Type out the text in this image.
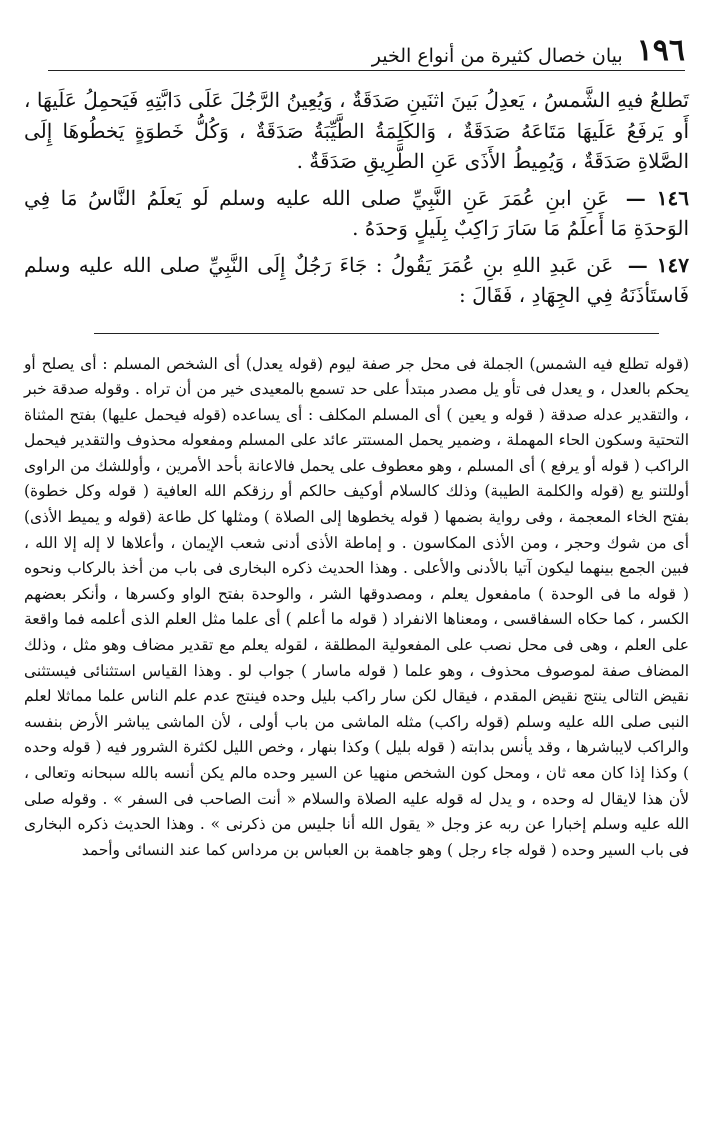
١٩٦
بيان خصال كثيرة من أنواع الخير

تَطلعُ فيهِ الشَّمسُ ، يَعدِلُ بَينَ اثنَينِ صَدَقَةٌ ، وَيُعِينُ الرَّجُلَ عَلَى دَابَّتِهِ فَيَحمِلُ عَلَيهَا ، أَو يَرفَعُ عَلَيهَا مَتَاعَهُ صَدَقَةٌ ، وَالكَلِمَةُ الطَّيِّبَةُ صَدَقَةٌ ، وَكُلُّ خَطوَةٍ يَخطُوهَا إِلَى الصَّلاةِ صَدَقَةٌ ، وَيُمِيطُ الأَذَى عَنِ الطَّرِيقِ صَدَقَةٌ .

١٤٦ — عَنِ ابنِ عُمَرَ عَنِ النَّبِيِّ صلى الله عليه وسلم لَو يَعلَمُ النَّاسُ مَا فِي الوَحدَةِ مَا أَعلَمُ مَا سَارَ رَاكِبٌ بِلَيلٍ وَحدَهُ .

١٤٧ — عَن عَبدِ اللهِ بنِ عُمَرَ يَقُولُ : جَاءَ رَجُلٌ إِلَى النَّبِيِّ صلى الله عليه وسلم فَاستَأذَنَهُ فِي الجِهَادِ ، فَقَالَ :

(قوله تطلع فيه الشمس) الجملة فى محل جر صفة ليوم (قوله يعدل) أى الشخص المسلم : أى يصلح أو يحكم بالعدل ، و يعدل فى تأو يل مصدر مبتدأ على حد تسمع بالمعيدى خير من أن تراه . وقوله صدقة خبر ، والتقدير عدله صدقة ( قوله و يعين ) أى المسلم المكلف : أى يساعده (قوله فيحمل عليها) بفتح المثناة التحتية وسكون الحاء المهملة ، وضمير يحمل المستتر عائد على المسلم ومفعوله محذوف والتقدير فيحمل الراكب ( قوله أو يرفع ) أى المسلم ، وهو معطوف على يحمل فالاعانة بأحد الأمرين ، وأوللشك من الراوى أوللتنو يع (قوله والكلمة الطيبة) وذلك كالسلام أوكيف حالكم أو رزقكم الله العافية ( قوله وكل خطوة) بفتح الخاء المعجمة ، وفى رواية بضمها ( قوله يخطوها إلى الصلاة ) ومثلها كل طاعة (قوله و يميط الأذى) أى من شوك وحجر ، ومن الأذى المكاسون . و إماطة الأذى أدنى شعب الإيمان ، وأعلاها لا إله إلا الله ، فبين الجمع بينهما ليكون آتيا بالأدنى والأعلى . وهذا الحديث ذكره البخارى فى باب من أخذ بالركاب ونحوه ( قوله ما فى الوحدة ) مامفعول يعلم ، ومصدوقها الشر ، والوحدة بفتح الواو وكسرها ، وأنكر بعضهم الكسر ، كما حكاه السفاقسى ، ومعناها الانفراد ( قوله ما أعلم ) أى علما مثل العلم الذى أعلمه فما واقعة على العلم ، وهى فى محل نصب على المفعولية المطلقة ، لقوله يعلم مع تقدير مضاف وهو مثل ، وذلك المضاف صفة لموصوف محذوف ، وهو علما ( قوله ماسار ) جواب لو . وهذا القياس استثنائى فيستثنى نقيض التالى ينتج نقيض المقدم ، فيقال لكن سار راكب بليل وحده فينتج عدم علم الناس علما مماثلا لعلم النبى صلى الله عليه وسلم (قوله راكب) مثله الماشى من باب أولى ، لأن الماشى يباشر الأرض بنفسه والراكب لايباشرها ، وقد يأنس بدابته ( قوله بليل ) وكذا بنهار ، وخص الليل لكثرة الشرور فيه ( قوله وحده ) وكذا إذا كان معه ثان ، ومحل كون الشخص منهيا عن السير وحده مالم يكن أنسه بالله سبحانه وتعالى ، لأن هذا لايقال له وحده ، و يدل له قوله عليه الصلاة والسلام « أنت الصاحب فى السفر » . وقوله صلى الله عليه وسلم إخبارا عن ربه عز وجل « يقول الله أنا جليس من ذكرنى » . وهذا الحديث ذكره البخارى فى باب السير وحده ( قوله جاء رجل ) وهو جاهمة بن العباس بن مرداس كما عند النسائى وأحمد
